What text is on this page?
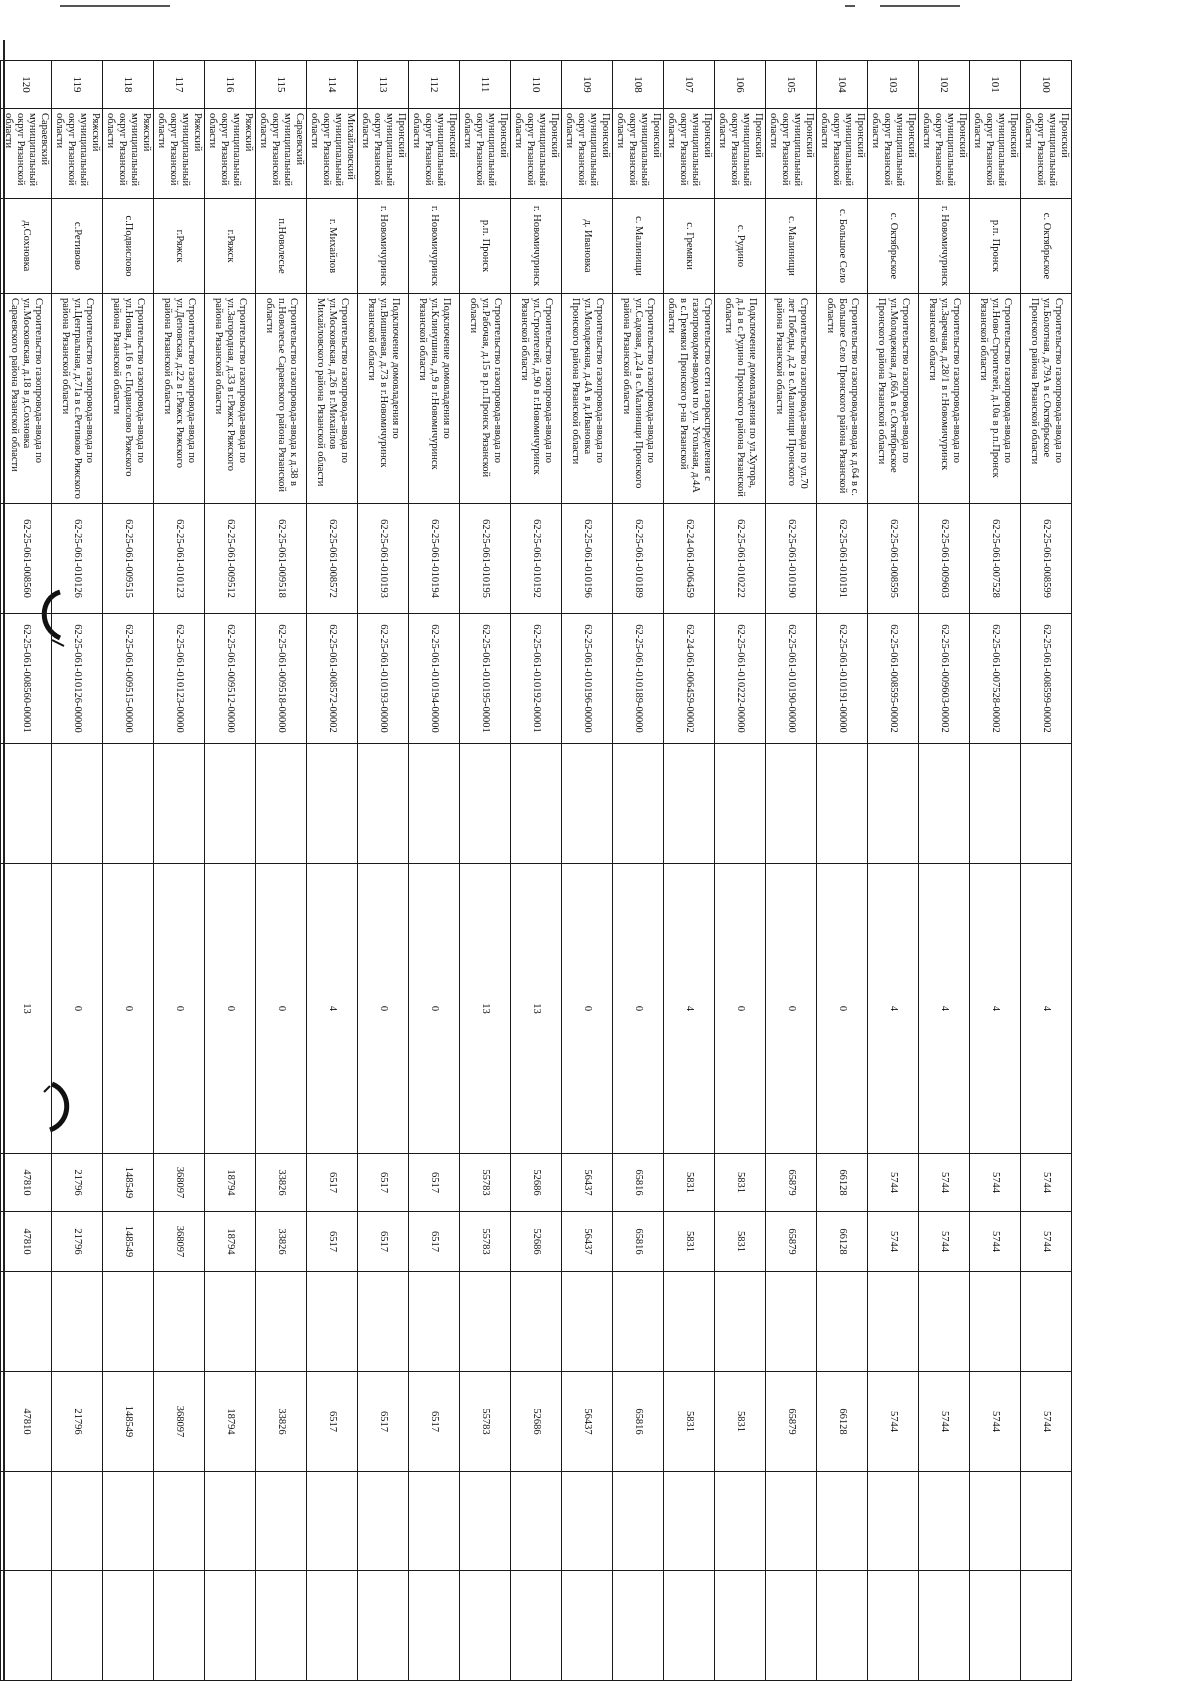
100	Пронский муниципальный округ Рязанской области	с. Октябрьское	Строительство газопровода-ввода по ул.Болотная, д.79А в с.Октябрьское Пронского района Рязанской области	62-25-061-008599	62-25-061-008599-00002		4	5744	5744		5744		
101	Пронский муниципальный округ Рязанской области	р.п. Пронск	Строительство газопровода-ввода по ул.Ново-Строителей, д.10а в р.п.Пронск Рязанской области	62-25-061-007528	62-25-061-007528-00002		4	5744	5744		5744		
102	Пронский муниципальный округ Рязанской области	г. Новомичуринск	Строительство газопровода-ввода по ул.Заречная, д.28/1 в г.Новомичуринск Рязанской области	62-25-061-009603	62-25-061-009603-00002		4	5744	5744		5744		
103	Пронский муниципальный округ Рязанской области	с. Октябрьское	Строительство газопровода-ввода по ул.Молодежная, д.66А в с.Октябрьское Пронского района Рязанской области	62-25-061-008595	62-25-061-008595-00002		4	5744	5744		5744		
104	Пронский муниципальный округ Рязанской области	с. Большое Село	Строительство газопровода-ввода к д.64 в с. Большое Село Пронского района Рязанской области	62-25-061-010191	62-25-061-010191-00000		0	66128	66128		66128		
105	Пронский муниципальный округ Рязанской области	с. Малинищи	Строительство газопровода-ввода по ул.70 лет Победы, д.2 в с.Малинищи Пронского района Рязанской области	62-25-061-010190	62-25-061-010190-00000		0	65879	65879		65879		
106	Пронский муниципальный округ Рязанской области	с. Рудино	Подключение домовладения по ул.Хутора, д.1а в с.Рудино Пронского района Рязанской области	62-25-061-010222	62-25-061-010222-00000		0	5831	5831		5831		
107	Пронский муниципальный округ Рязанской области	с. Гремяки	Строительство сети газораспределения с газопроводом-вводом по ул. Угольная, д.4А в с.Гремяки Пронского р-на Рязанской области	62-24-061-006459	62-24-061-006459-00002		4	5831	5831		5831		
108	Пронский муниципальный округ Рязанской области	с. Малинищи	Строительство газопровода-ввода по ул.Садовая, д.24 в с.Малинищи Пронского района Рязанской области	62-25-061-010189	62-25-061-010189-00000		0	65816	65816		65816		
109	Пронский муниципальный округ Рязанской области	д. Ивановка	Строительство газопровода-ввода по ул.Молодежная, д.4А в д.Ивановка Пронского района Рязанской области	62-25-061-010196	62-25-061-010196-00000		0	56437	56437		56437		
110	Пронский муниципальный округ Рязанской области	г. Новомичуринск	Строительство газопровода-ввода по ул.Строителей, д.90 в г.Новомичуринск Рязанской области	62-25-061-010192	62-25-061-010192-00001		13	52686	52686		52686		
111	Пронский муниципальный округ Рязанской области	р.п. Пронск	Строительство газопровода-ввода по ул.Рабочая, д.15 в р.п.Пронск Рязанской области	62-25-061-010195	62-25-061-010195-00001		13	55783	55783		55783		
112	Пронский муниципальный округ Рязанской области	г. Новомичуринск	Подключение домовладения по ул.Клинушина, д.9 в г.Новомичуринск Рязанской области	62-25-061-010194	62-25-061-010194-00000		0	6517	6517		6517		
113	Пронский муниципальный округ Рязанской области	г. Новомичуринск	Подключение домовладения по ул.Вишневая, д.73 в г.Новомичуринск Рязанской области	62-25-061-010193	62-25-061-010193-00000		0	6517	6517		6517		
114	Михайловский муниципальный округ Рязанской области	г. Михайлов	Строительство газопровода-ввода по ул.Московская, д.26 в г.Михайлов Михайловского района Рязанской области	62-25-061-008572	62-25-061-008572-00002		4	6517	6517		6517		
115	Сараевский муниципальный округ Рязанской области	п.Новолесье	Строительство газопровода-ввода к д.38 в п.Новолесье Сараевского района Рязанской области	62-25-061-009518	62-25-061-009518-00000		0	33826	33826		33826		
116	Ряжский муниципальный округ Рязанской области	г.Ряжск	Строительство газопровода-ввода по ул.Загородная, д.33 в г.Ряжск Ряжского района Рязанской области	62-25-061-009512	62-25-061-009512-00000		0	18794	18794		18794		
117	Ряжский муниципальный округ Рязанской области	г.Ряжск	Строительство газопровода-ввода по ул.Деповская, д.22 в г.Ряжск Ряжского района Рязанской области	62-25-061-010123	62-25-061-010123-00000		0	368097	368097		368097		
118	Ряжский муниципальный округ Рязанской области	с.Подвислово	Строительство газопровода-ввода по ул.Новая, д.16 в с.Подвислово Ряжского района Рязанской области	62-25-061-009515	62-25-061-009515-00000		0	148549	148549		148549		
119	Ряжский муниципальный округ Рязанской области	с.Ретивово	Строительство газопровода-ввода по ул.Центральная, д.71а в с.Ретивово Ряжского района Рязанской области	62-25-061-010126	62-25-061-010126-00000		0	21796	21796		21796		
120	Сараевский муниципальный округ Рязанской области	д.Сохновка	Строительство газопровода-ввода по ул.Московская, д.18 в д.Сохновка Сараевского района Рязанской области	62-25-061-008560	62-25-061-008560-00001		13	47810	47810		47810		
